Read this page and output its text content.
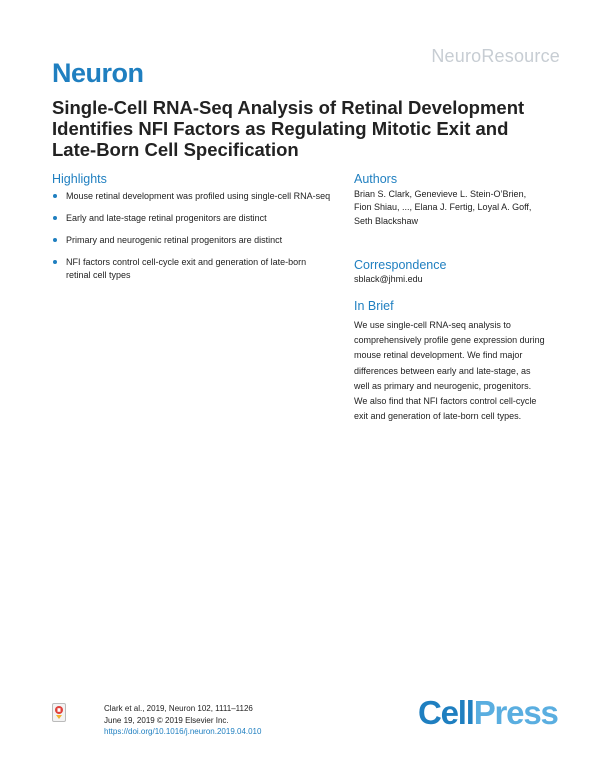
NeuroResource
Neuron
Single-Cell RNA-Seq Analysis of Retinal Development Identifies NFI Factors as Regulating Mitotic Exit and Late-Born Cell Specification
Highlights
Mouse retinal development was profiled using single-cell RNA-seq
Early and late-stage retinal progenitors are distinct
Primary and neurogenic retinal progenitors are distinct
NFI factors control cell-cycle exit and generation of late-born retinal cell types
Authors
Brian S. Clark, Genevieve L. Stein-O’Brien, Fion Shiau, ..., Elana J. Fertig, Loyal A. Goff, Seth Blackshaw
Correspondence
sblack@jhmi.edu
In Brief
We use single-cell RNA-seq analysis to comprehensively profile gene expression during mouse retinal development. We find major differences between early and late-stage, as well as primary and neurogenic, progenitors. We also find that NFI factors control cell-cycle exit and generation of late-born cell types.
Clark et al., 2019, Neuron 102, 1111–1126
June 19, 2019 © 2019 Elsevier Inc.
https://doi.org/10.1016/j.neuron.2019.04.010
CellPress
